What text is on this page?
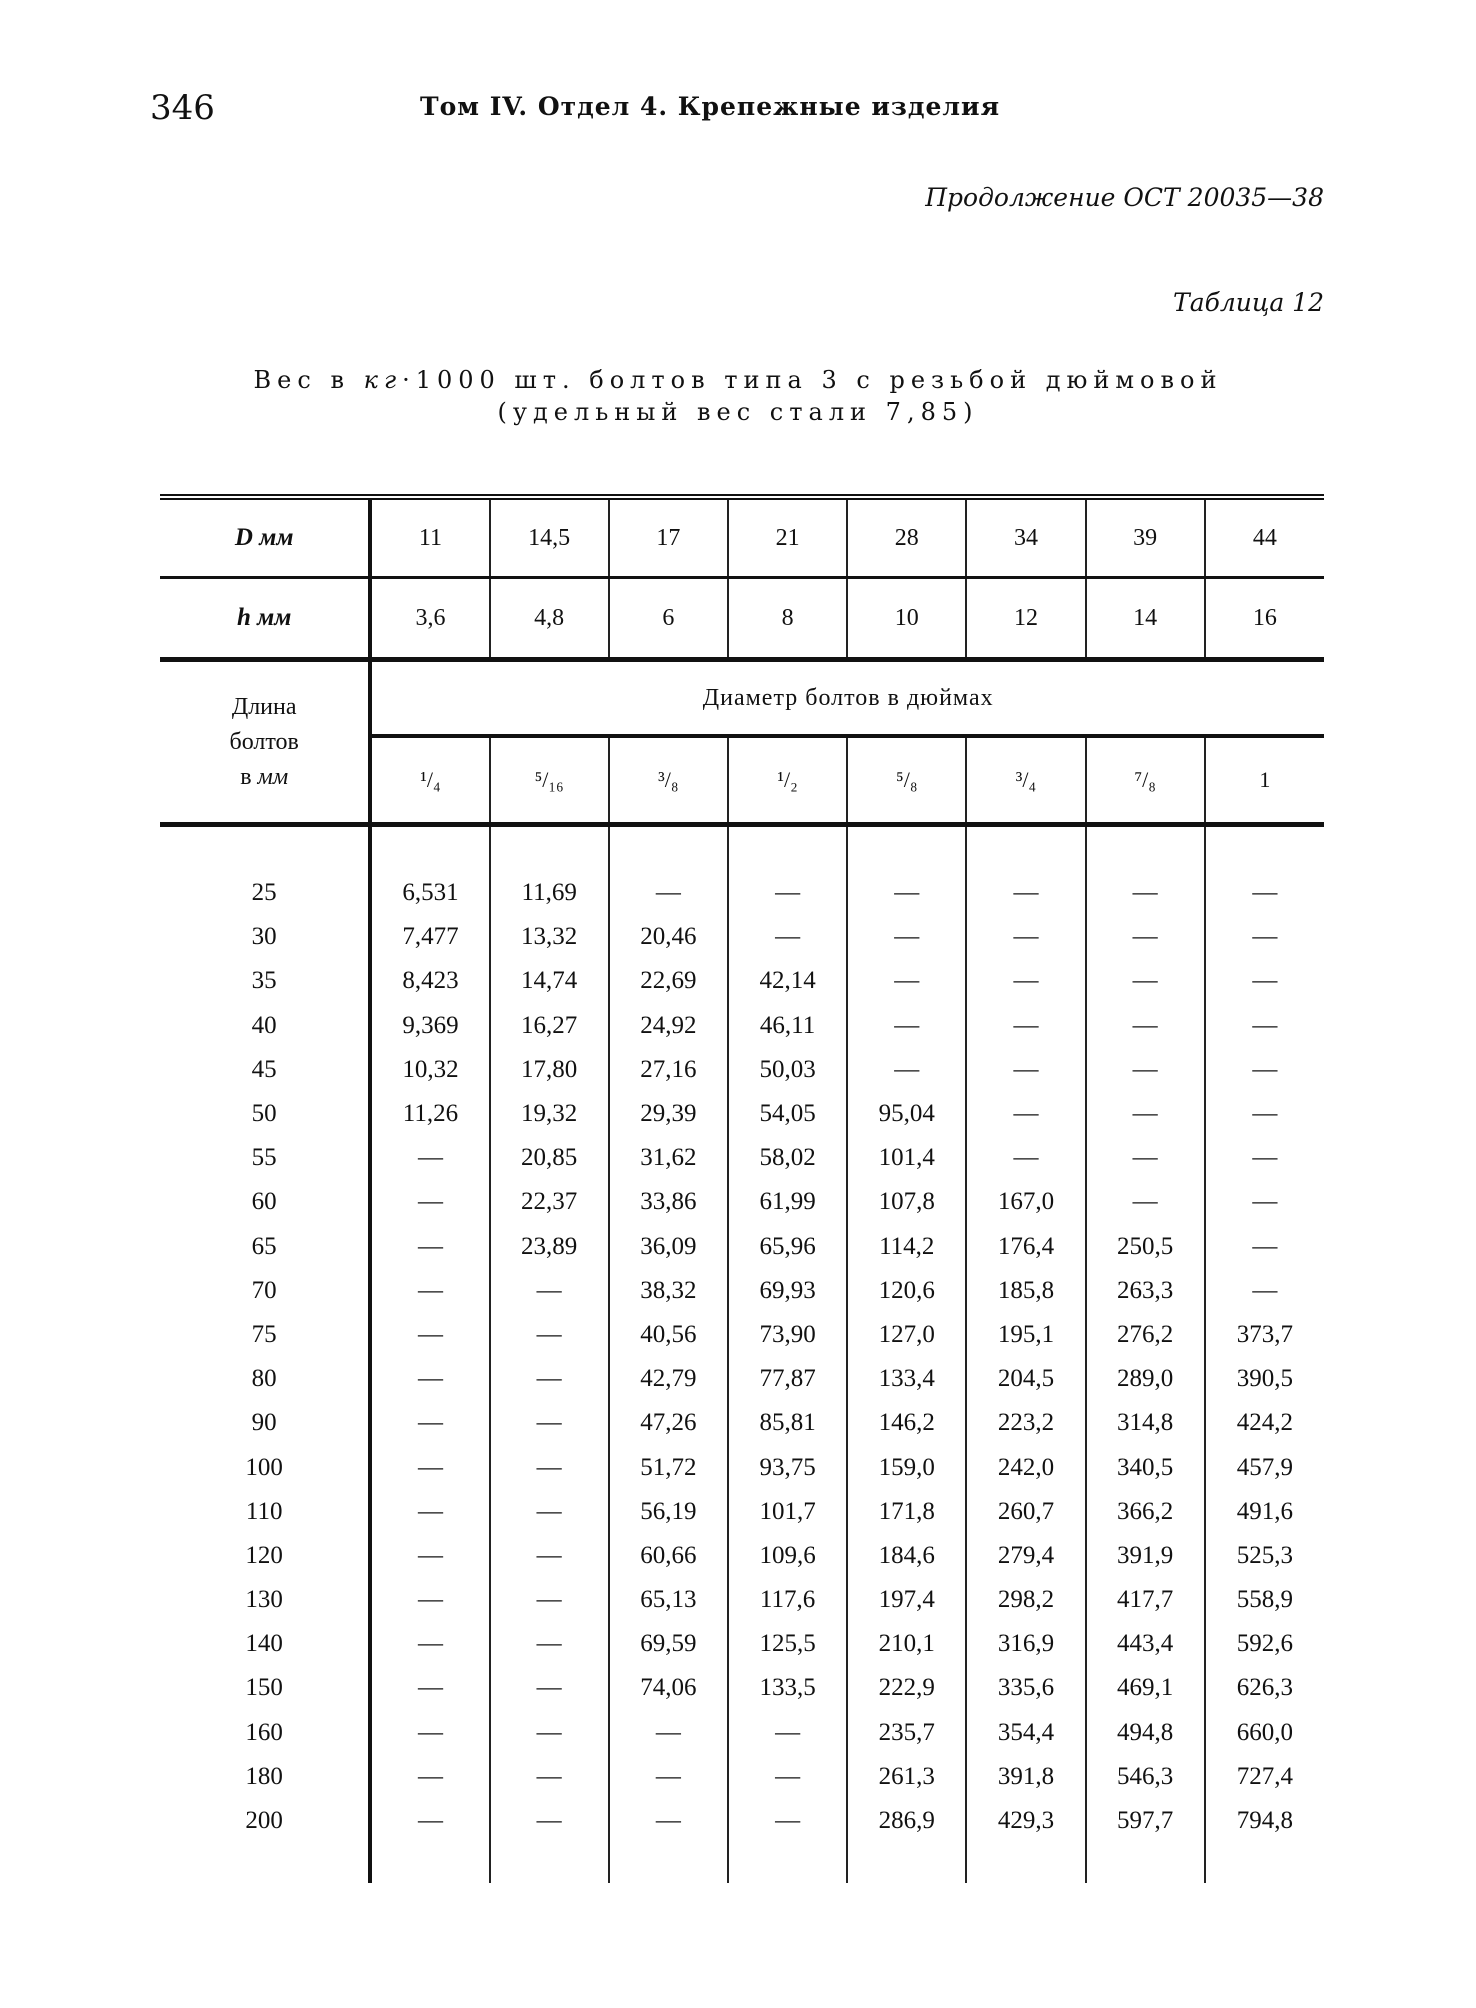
346	Том IV. Отдел 4. Крепежные изделия
Продолжение ОСТ 20035—38
Таблица 12
Вес в кг·1000 шт. болтов типа 3 с резьбой дюймовой
(удельный вес стали 7,85)
D мм	11	14,5	17	21	28	34	39	44
h мм	3,6	4,8	6	8	10	12	14	16
Длина
болтов
в мм	Диаметр болтов в дюймах							
	¹/₄	⁵/₁₆	³/₈	¹/₂	⁵/₈	³/₄	⁷/₈	1

25	6,531	11,69	—	—	—	—	—	—
30	7,477	13,32	20,46	—	—	—	—	—
35	8,423	14,74	22,69	42,14	—	—	—	—
40	9,369	16,27	24,92	46,11	—	—	—	—
45	10,32	17,80	27,16	50,03	—	—	—	—
50	11,26	19,32	29,39	54,05	95,04	—	—	—
55	—	20,85	31,62	58,02	101,4	—	—	—
60	—	22,37	33,86	61,99	107,8	167,0	—	—
65	—	23,89	36,09	65,96	114,2	176,4	250,5	—
70	—	—	38,32	69,93	120,6	185,8	263,3	—
75	—	—	40,56	73,90	127,0	195,1	276,2	373,7
80	—	—	42,79	77,87	133,4	204,5	289,0	390,5
90	—	—	47,26	85,81	146,2	223,2	314,8	424,2
100	—	—	51,72	93,75	159,0	242,0	340,5	457,9
110	—	—	56,19	101,7	171,8	260,7	366,2	491,6
120	—	—	60,66	109,6	184,6	279,4	391,9	525,3
130	—	—	65,13	117,6	197,4	298,2	417,7	558,9
140	—	—	69,59	125,5	210,1	316,9	443,4	592,6
150	—	—	74,06	133,5	222,9	335,6	469,1	626,3
160	—	—	—	—	235,7	354,4	494,8	660,0
180	—	—	—	—	261,3	391,8	546,3	727,4
200	—	—	—	—	286,9	429,3	597,7	794,8
